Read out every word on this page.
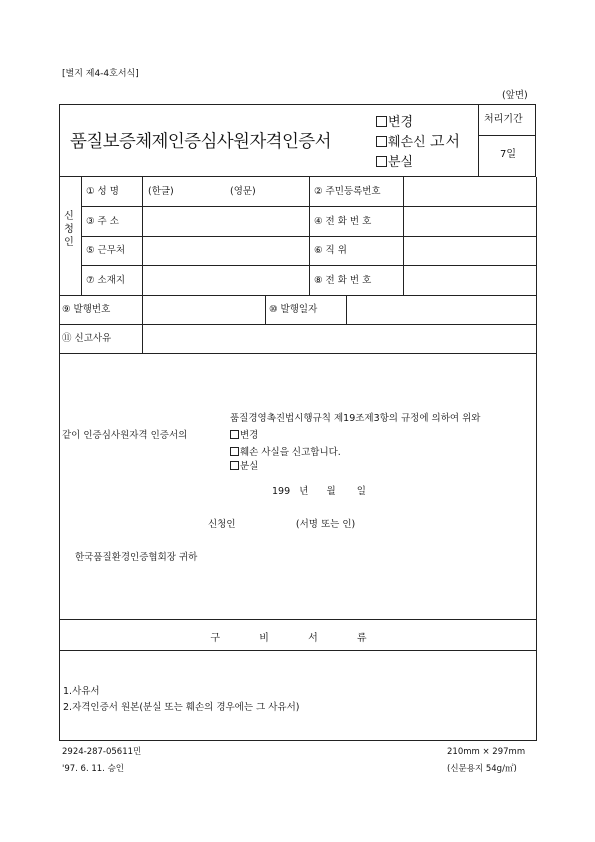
[별지 제4-4호서식]
(앞면)
품질보증체제인증심사원자격인증서
변경
훼손신
분실
고서
처리기간
7일
신청인
① 성 명	(한글)	(영문)	② 주민등록번호
③ 주 소	④ 전 화 번 호
⑤ 근무처	⑥ 직 위
⑦ 소재지	⑧ 전 화 번 호
⑨ 발행번호	⑩ 발행일자
⑪ 신고사유
품질경영촉진법시행규칙 제19조제3항의 규정에 의하여 위와
같이 인증심사원자격 인증서의	변경
훼손 사실을 신고합니다.
분실
199   년      월       일
신청인                    (서명 또는 인)
한국품질환경인증협회장 귀하
구 비 서 류
1.사유서
2.자격인증서 원본(분실 또는 훼손의 경우에는 그 사유서)
2924-287-05611민
'97. 6. 11. 승인
210mm × 297mm
(신문용지 54g/㎡)
